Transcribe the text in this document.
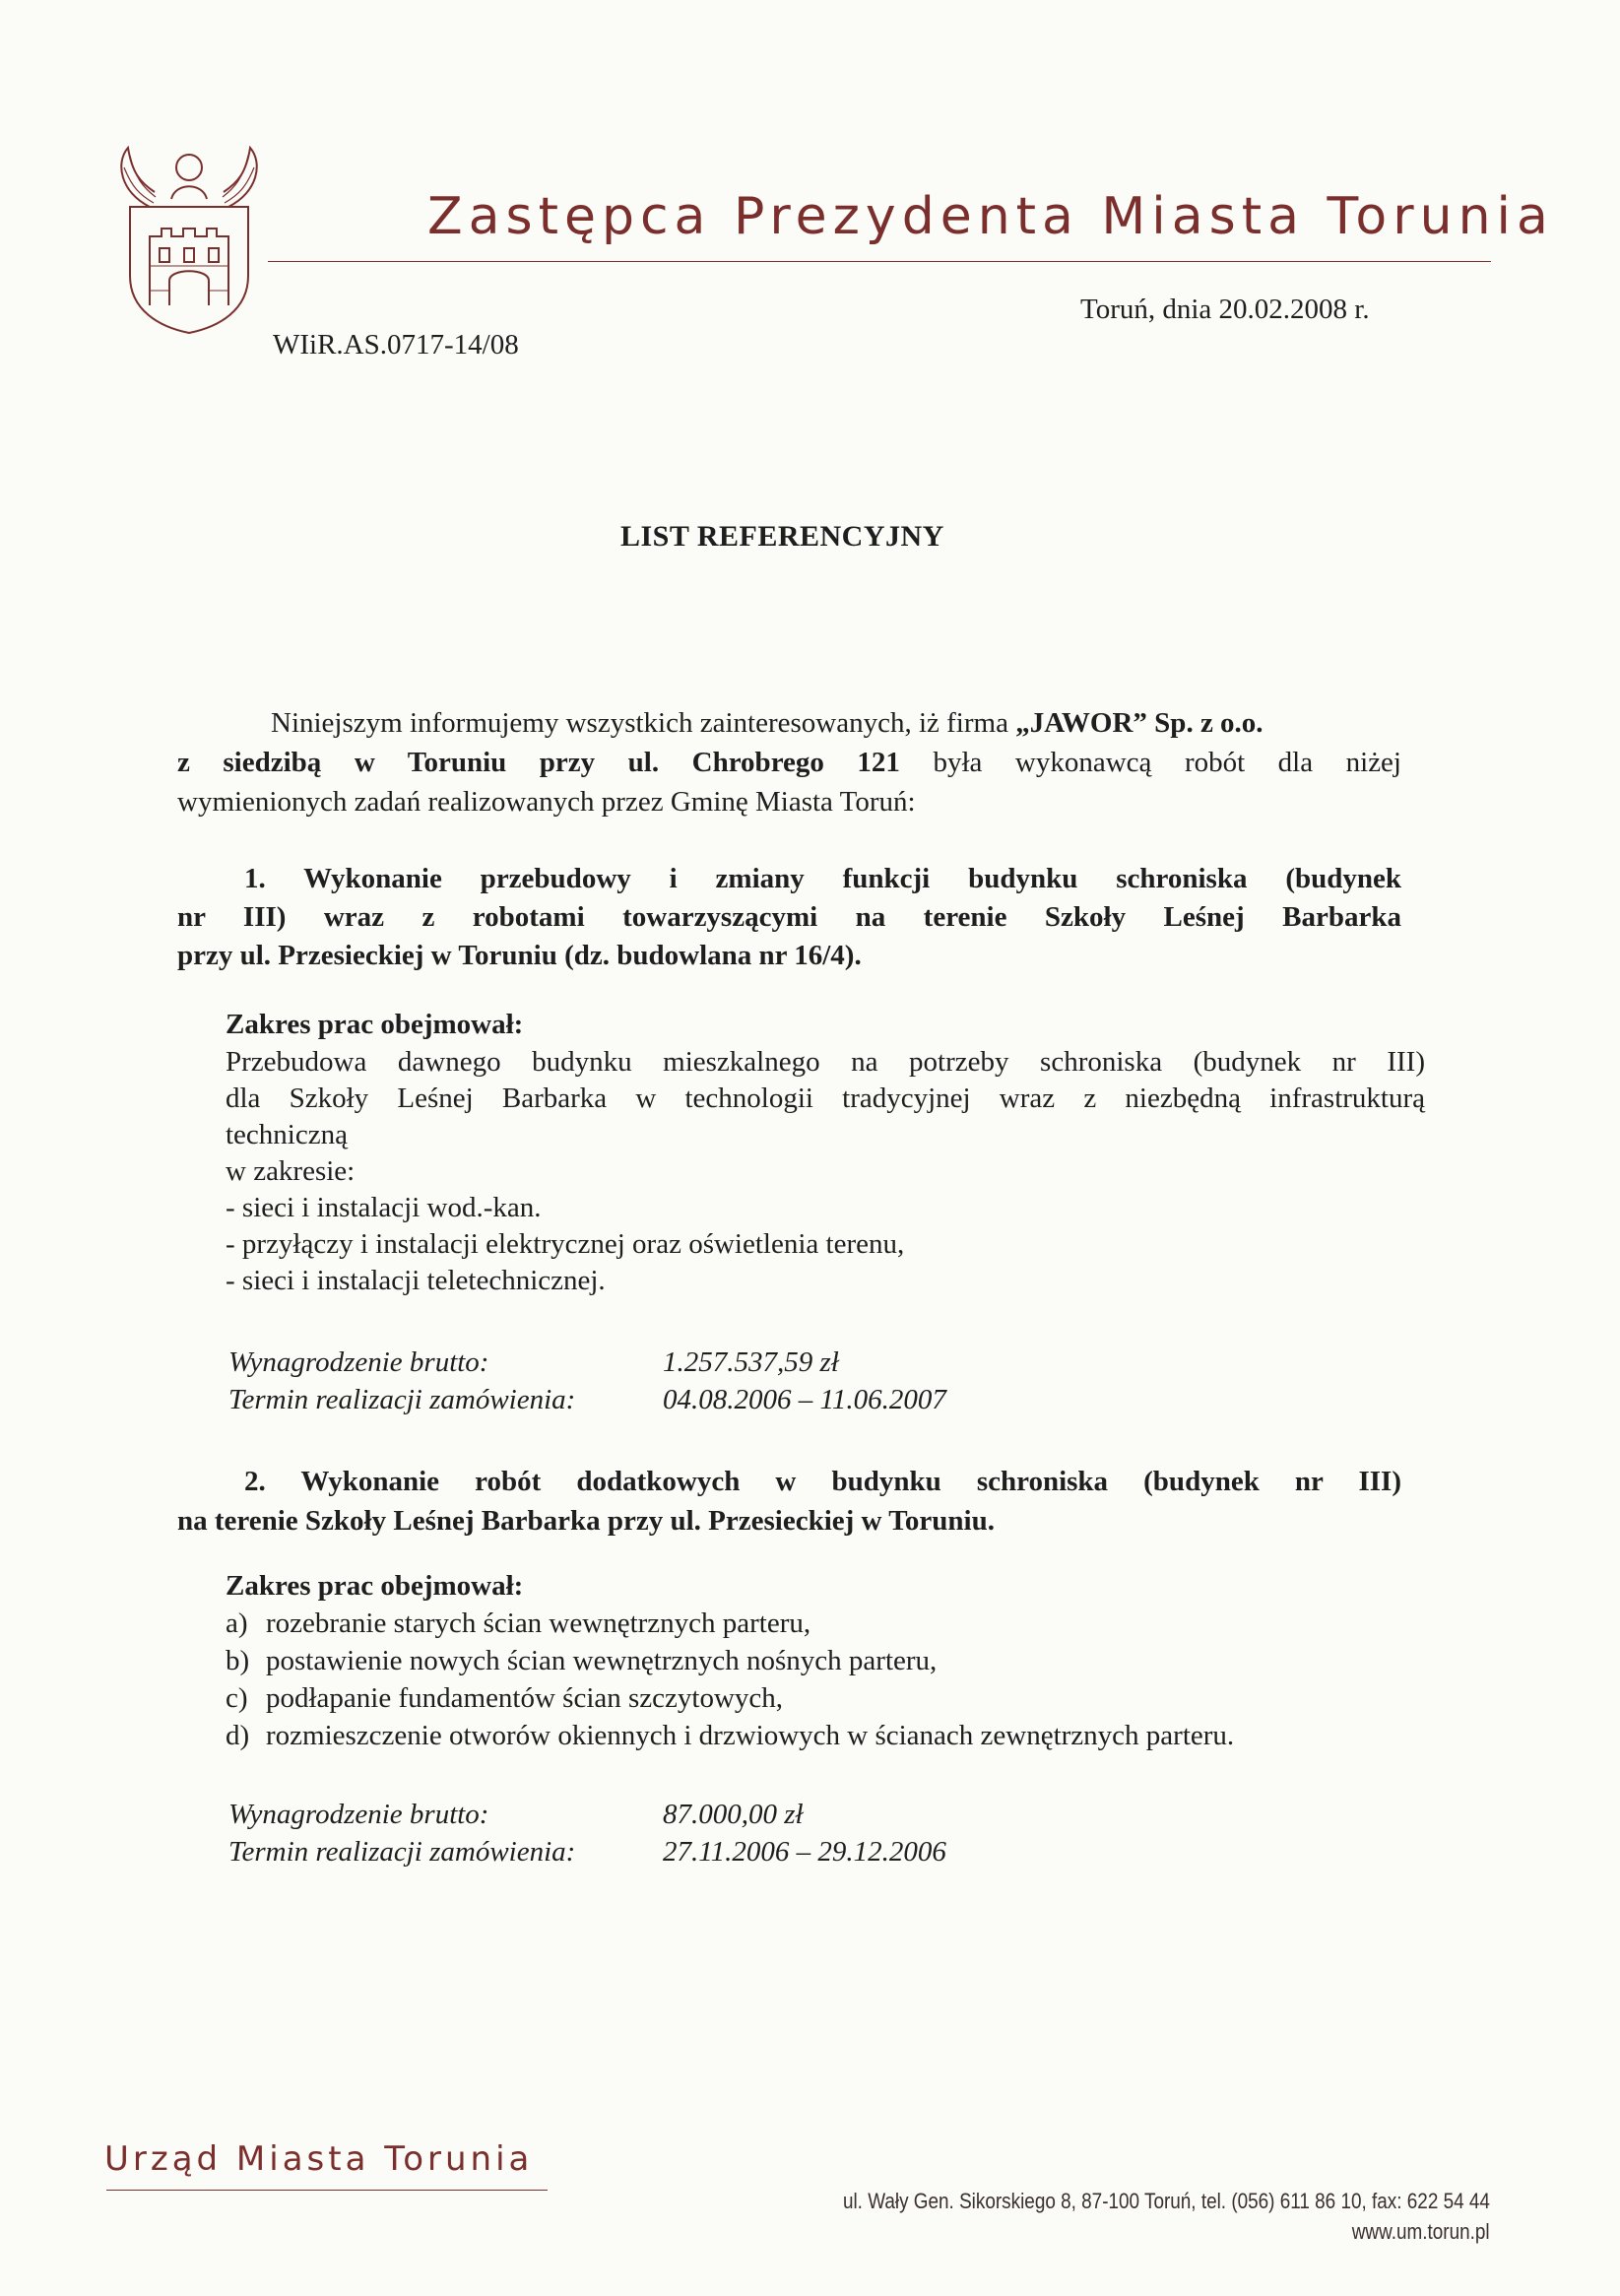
Zastępca Prezydenta Miasta Torunia
Toruń, dnia 20.02.2008 r.
WIiR.AS.0717-14/08
LIST REFERENCYJNY
Niniejszym informujemy wszystkich zainteresowanych, iż firma „JAWOR” Sp. z o.o.
z siedzibą w Toruniu przy ul. Chrobrego 121 była wykonawcą robót dla niżej
wymienionych zadań realizowanych przez Gminę Miasta Toruń:
1. Wykonanie przebudowy i zmiany funkcji budynku schroniska (budynek
nr III) wraz z robotami towarzyszącymi na terenie Szkoły Leśnej Barbarka
przy ul. Przesieckiej w Toruniu (dz. budowlana nr 16/4).
Zakres prac obejmował:
Przebudowa dawnego budynku mieszkalnego na potrzeby schroniska (budynek nr III)
dla Szkoły Leśnej Barbarka w technologii tradycyjnej wraz z niezbędną infrastrukturą
techniczną
w zakresie:
- sieci i instalacji wod.-kan.
- przyłączy i instalacji elektrycznej oraz oświetlenia terenu,
- sieci i instalacji teletechnicznej.
Wynagrodzenie brutto:	1.257.537,59 zł
Termin realizacji zamówienia:	04.08.2006 – 11.06.2007
2. Wykonanie robót dodatkowych w budynku schroniska (budynek nr III)
na terenie Szkoły Leśnej Barbarka przy ul. Przesieckiej w Toruniu.
Zakres prac obejmował:
a) rozebranie starych ścian wewnętrznych parteru,
b) postawienie nowych ścian wewnętrznych nośnych parteru,
c) podłapanie fundamentów ścian szczytowych,
d) rozmieszczenie otworów okiennych i drzwiowych w ścianach zewnętrznych parteru.
Wynagrodzenie brutto:	87.000,00 zł
Termin realizacji zamówienia:	27.11.2006 – 29.12.2006
Urząd Miasta Torunia
ul. Wały Gen. Sikorskiego 8, 87-100 Toruń, tel. (056) 611 86 10, fax: 622 54 44
www.um.torun.pl
